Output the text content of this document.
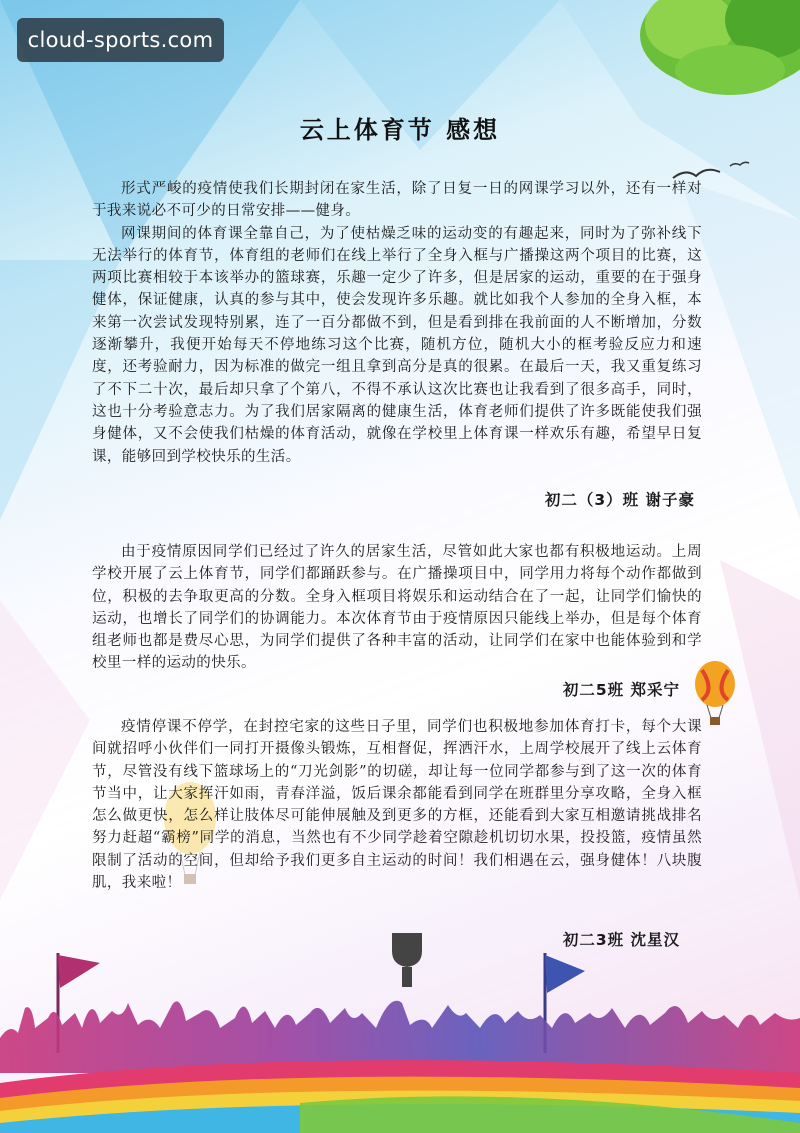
cloud-sports.com
云上体育节 感想

形式严峻的疫情使我们长期封闭在家生活，除了日复一日的网课学习以外，还有一样对于我来说必不可少的日常安排——健身。

网课期间的体育课全靠自己，为了使枯燥乏味的运动变的有趣起来，同时为了弥补线下无法举行的体育节，体育组的老师们在线上举行了全身入框与广播操这两个项目的比赛，这两项比赛相较于本该举办的篮球赛，乐趣一定少了许多，但是居家的运动，重要的在于强身健体，保证健康，认真的参与其中，使会发现许多乐趣。就比如我个人参加的全身入框，本来第一次尝试发现特别累，连了一百分都做不到，但是看到排在我前面的人不断增加，分数逐渐攀升，我便开始每天不停地练习这个比赛，随机方位，随机大小的框考验反应力和速度，还考验耐力，因为标准的做完一组且拿到高分是真的很累。在最后一天，我又重复练习了不下二十次，最后却只拿了个第八，不得不承认这次比赛也让我看到了很多高手，同时，这也十分考验意志力。为了我们居家隔离的健康生活，体育老师们提供了许多既能使我们强身健体，又不会使我们枯燥的体育活动，就像在学校里上体育课一样欢乐有趣，希望早日复课，能够回到学校快乐的生活。

初二（3）班 谢子豪

由于疫情原因同学们已经过了许久的居家生活，尽管如此大家也都有积极地运动。上周学校开展了云上体育节，同学们都踊跃参与。在广播操项目中，同学用力将每个动作都做到位，积极的去争取更高的分数。全身入框项目将娱乐和运动结合在了一起，让同学们愉快的运动，也增长了同学们的协调能力。本次体育节由于疫情原因只能线上举办，但是每个体育组老师也都是费尽心思，为同学们提供了各种丰富的活动，让同学们在家中也能体验到和学校里一样的运动的快乐。

初二5班 郑采宁

疫情停课不停学，在封控宅家的这些日子里，同学们也积极地参加体育打卡，每个大课间就招呼小伙伴们一同打开摄像头锻炼，互相督促，挥洒汗水，上周学校展开了线上云体育节，尽管没有线下篮球场上的“刀光剑影”的切磋，却让每一位同学都参与到了这一次的体育节当中，让大家挥汗如雨，青春洋溢，饭后课余都能看到同学在班群里分享攻略，全身入框怎么做更快，怎么样让肢体尽可能伸展触及到更多的方框，还能看到大家互相邀请挑战排名努力赶超“霸榜”同学的消息，当然也有不少同学趁着空隙趁机切切水果，投投篮，疫情虽然限制了活动的空间，但却给予我们更多自主运动的时间！我们相遇在云，强身健体！八块腹肌，我来啦！

初二3班 沈星汉
